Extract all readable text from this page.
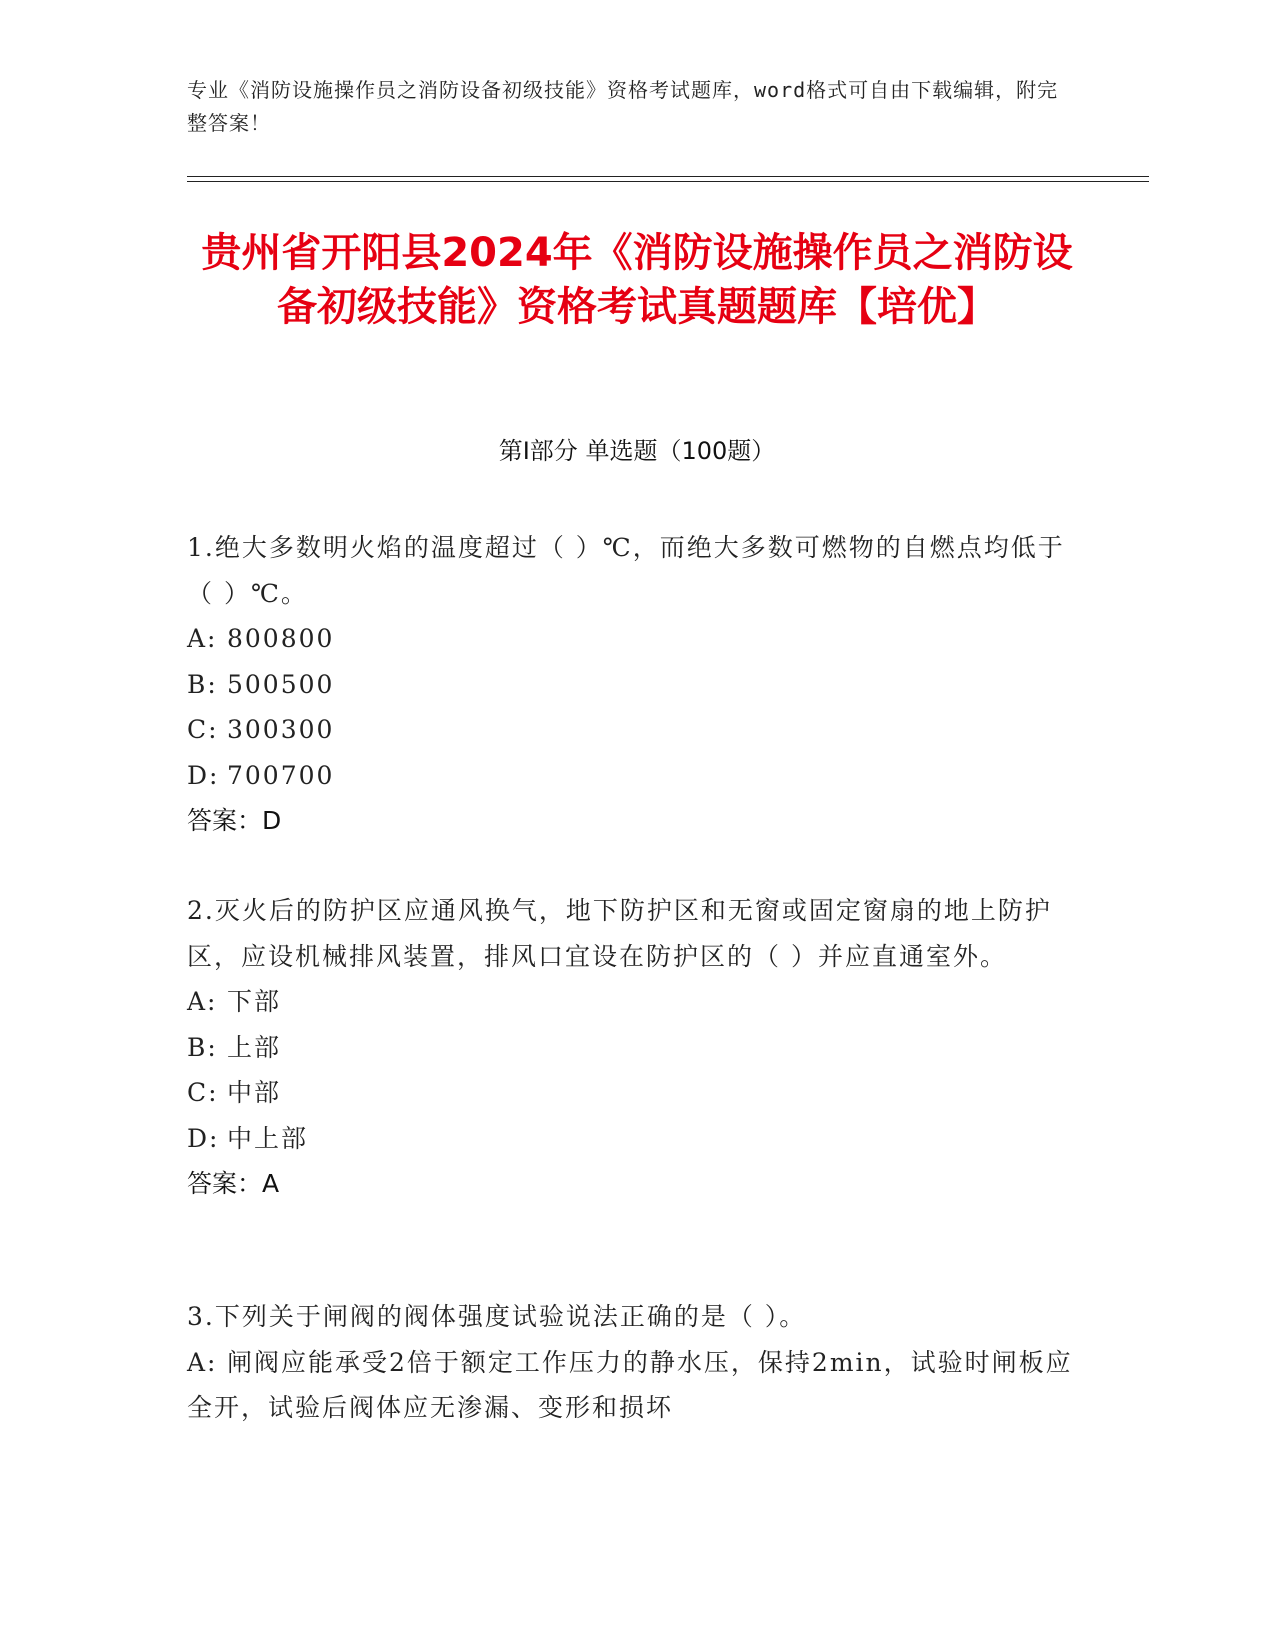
专业《消防设施操作员之消防设备初级技能》资格考试题库，word格式可自由下载编辑，附完整答案！
贵州省开阳县2024年《消防设施操作员之消防设备初级技能》资格考试真题题库【培优】
第Ⅰ部分 单选题（100题）
1.绝大多数明火焰的温度超过（ ）℃，而绝大多数可燃物的自燃点均低于（ ）℃。
A: 800800
B: 500500
C: 300300
D: 700700
答案：D
2.灭火后的防护区应通风换气，地下防护区和无窗或固定窗扇的地上防护区，应设机械排风装置，排风口宜设在防护区的（ ）并应直通室外。
A: 下部
B: 上部
C: 中部
D: 中上部
答案：A
3.下列关于闸阀的阀体强度试验说法正确的是（ ）。
A: 闸阀应能承受2倍于额定工作压力的静水压，保持2min，试验时闸板应全开，试验后阀体应无渗漏、变形和损坏
